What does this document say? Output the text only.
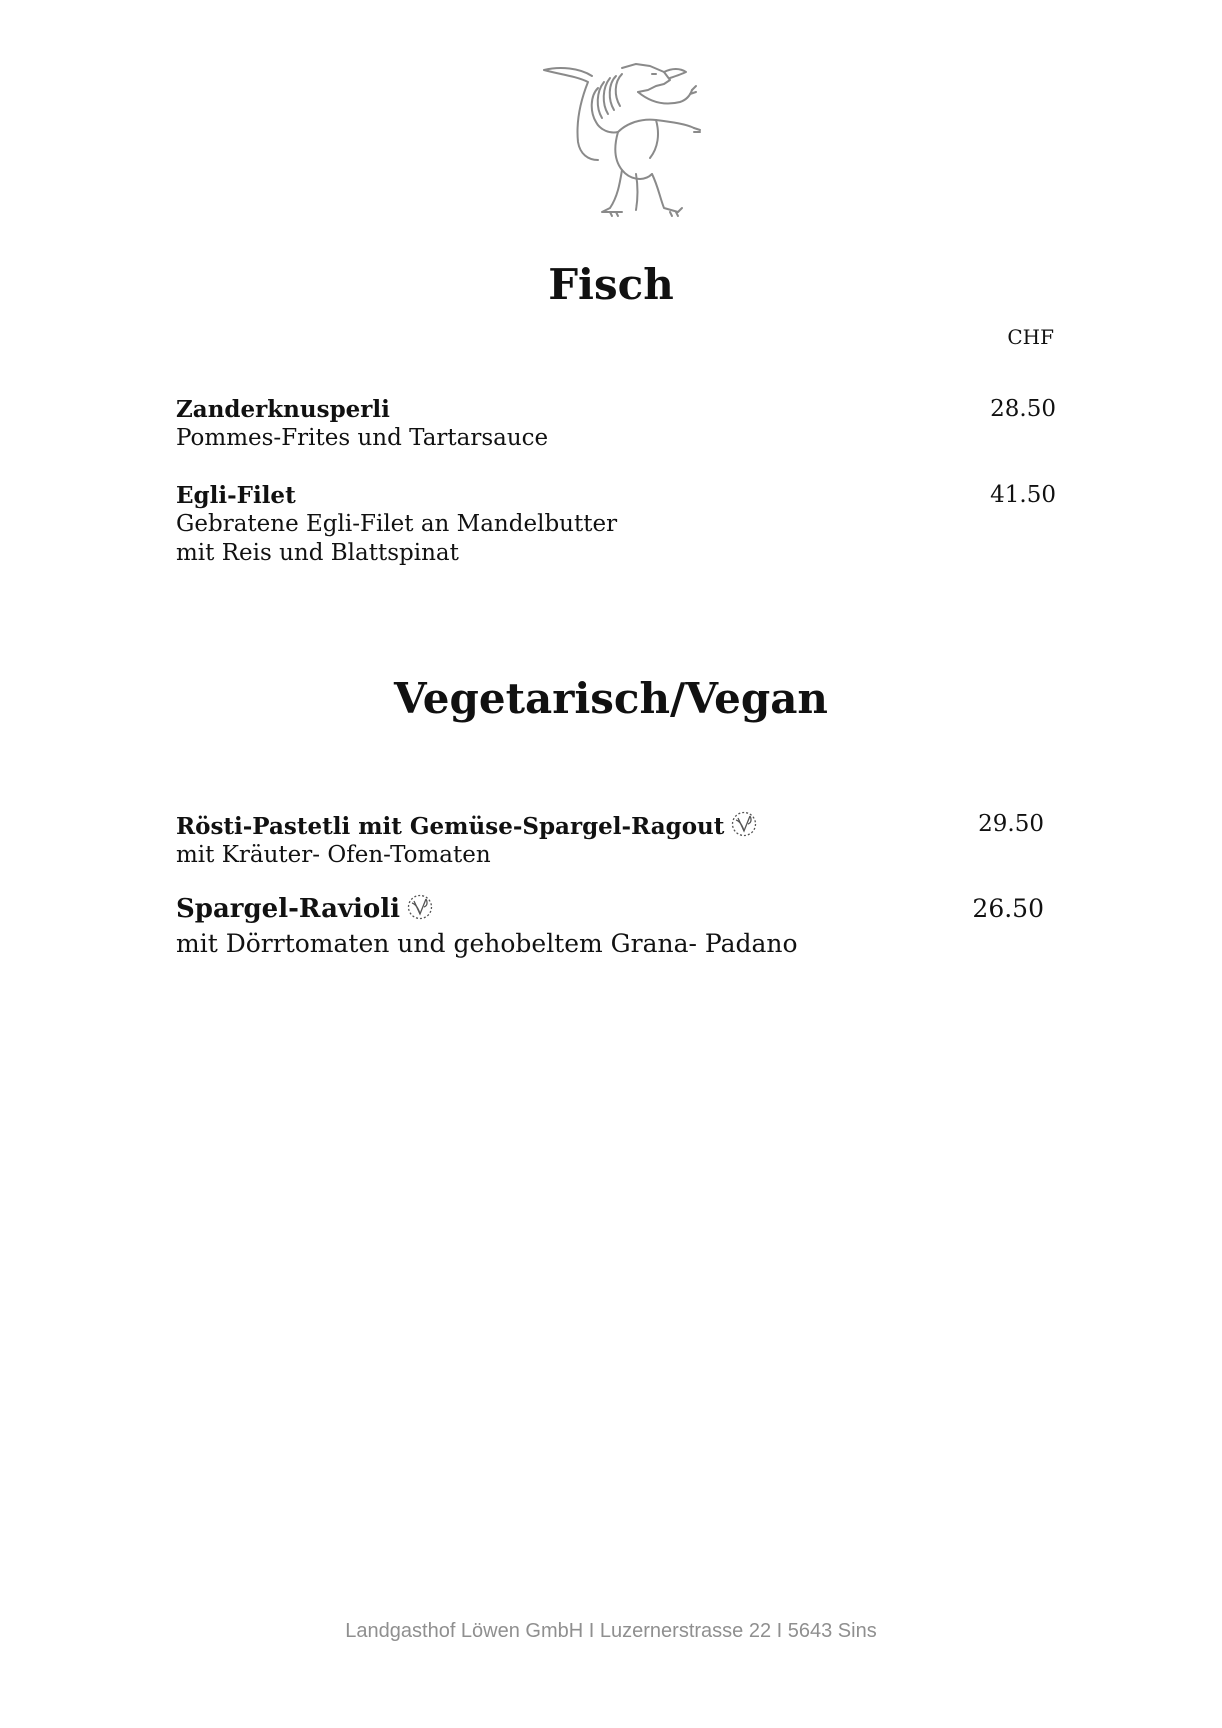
Fisch
CHF
Zanderknusperli
Pommes-Frites und Tartarsauce
28.50
Egli-Filet
Gebratene Egli-Filet an Mandelbutter
mit Reis und Blattspinat
41.50
Vegetarisch/Vegan
Rösti-Pastetli mit Gemüse-Spargel-Ragout
mit Kräuter- Ofen-Tomaten
29.50
Spargel-Ravioli
mit Dörrtomaten und gehobeltem Grana- Padano
26.50
Landgasthof Löwen GmbH I Luzernerstrasse 22 I 5643 Sins
